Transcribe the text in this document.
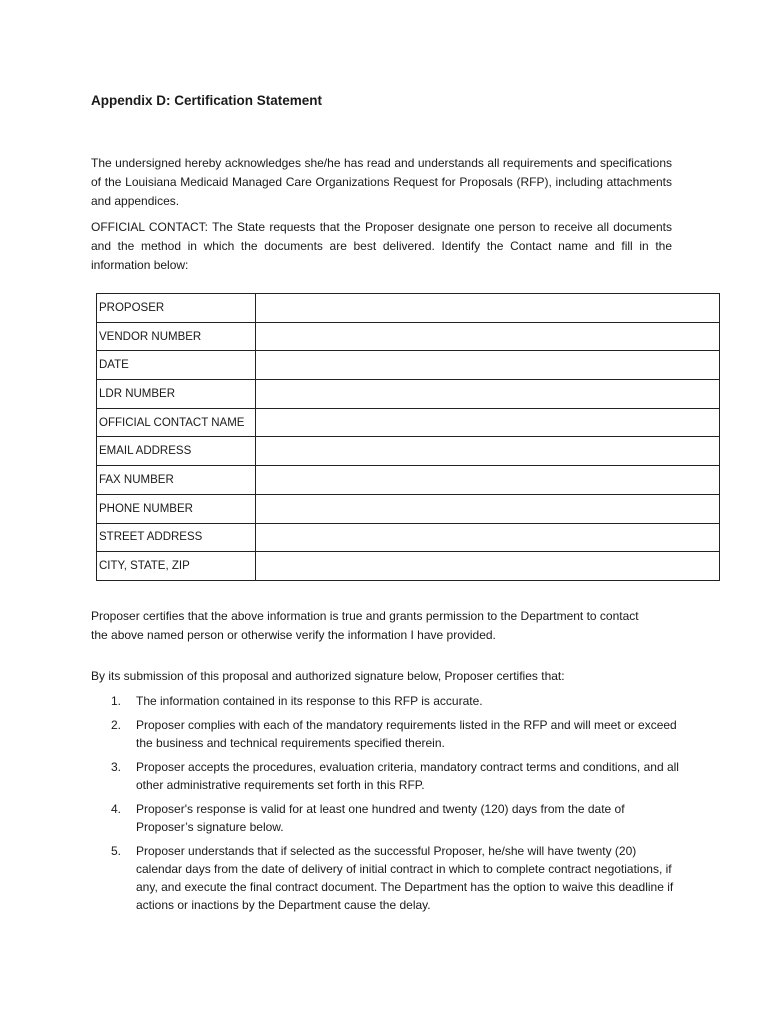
Appendix D: Certification Statement

The undersigned hereby acknowledges she/he has read and understands all requirements and specifications of the Louisiana Medicaid Managed Care Organizations Request for Proposals (RFP), including attachments and appendices.

OFFICIAL CONTACT: The State requests that the Proposer designate one person to receive all documents and the method in which the documents are best delivered. Identify the Contact name and fill in the information below:

PROPOSER	
VENDOR NUMBER	
DATE	
LDR NUMBER	
OFFICIAL CONTACT NAME	
EMAIL ADDRESS	
FAX NUMBER	
PHONE NUMBER	
STREET ADDRESS	
CITY, STATE, ZIP	

Proposer certifies that the above information is true and grants permission to the Department to contact the above named person or otherwise verify the information I have provided.

By its submission of this proposal and authorized signature below, Proposer certifies that:

1. The information contained in its response to this RFP is accurate.
2. Proposer complies with each of the mandatory requirements listed in the RFP and will meet or exceed the business and technical requirements specified therein.
3. Proposer accepts the procedures, evaluation criteria, mandatory contract terms and conditions, and all other administrative requirements set forth in this RFP.
4. Proposer's response is valid for at least one hundred and twenty (120) days from the date of Proposer’s signature below.
5. Proposer understands that if selected as the successful Proposer, he/she will have twenty (20) calendar days from the date of delivery of initial contract in which to complete contract negotiations, if any, and execute the final contract document. The Department has the option to waive this deadline if actions or inactions by the Department cause the delay.
